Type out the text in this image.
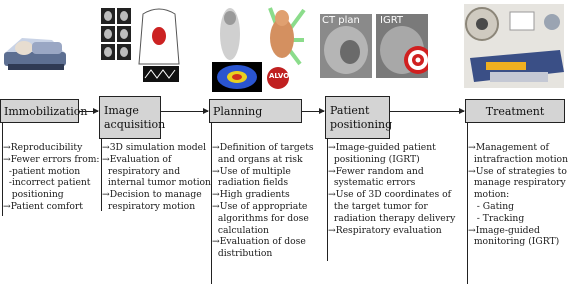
ALVO
CT plan IGRT
Immobilization	Image
acquisition
Planning	Patient
positioning
Treatment
→Reproducibility
→Fewer errors from:
-patient motion
-incorrect patient
positioning
→Patient comfort
→3D simulation model
→Evaluation of
respiratory and
internal tumor motion
→Decision to manage
respiratory motion
→Definition of targets
and organs at risk
→Use of multiple
radiation fields
→High gradients
→Use of appropriate
algorithms for dose
calculation
→Evaluation of dose
distribution
→Image-guided patient
positioning (IGRT)
→Fewer random and
systematic errors
→Use of 3D coordinates of
the target tumor for
radiation therapy delivery
→Respiratory evaluation
→Management of
intrafraction motion
→Use of strategies to
manage respiratory
motion:
- Gating
- Tracking
→Image-guided
monitoring (IGRT)
